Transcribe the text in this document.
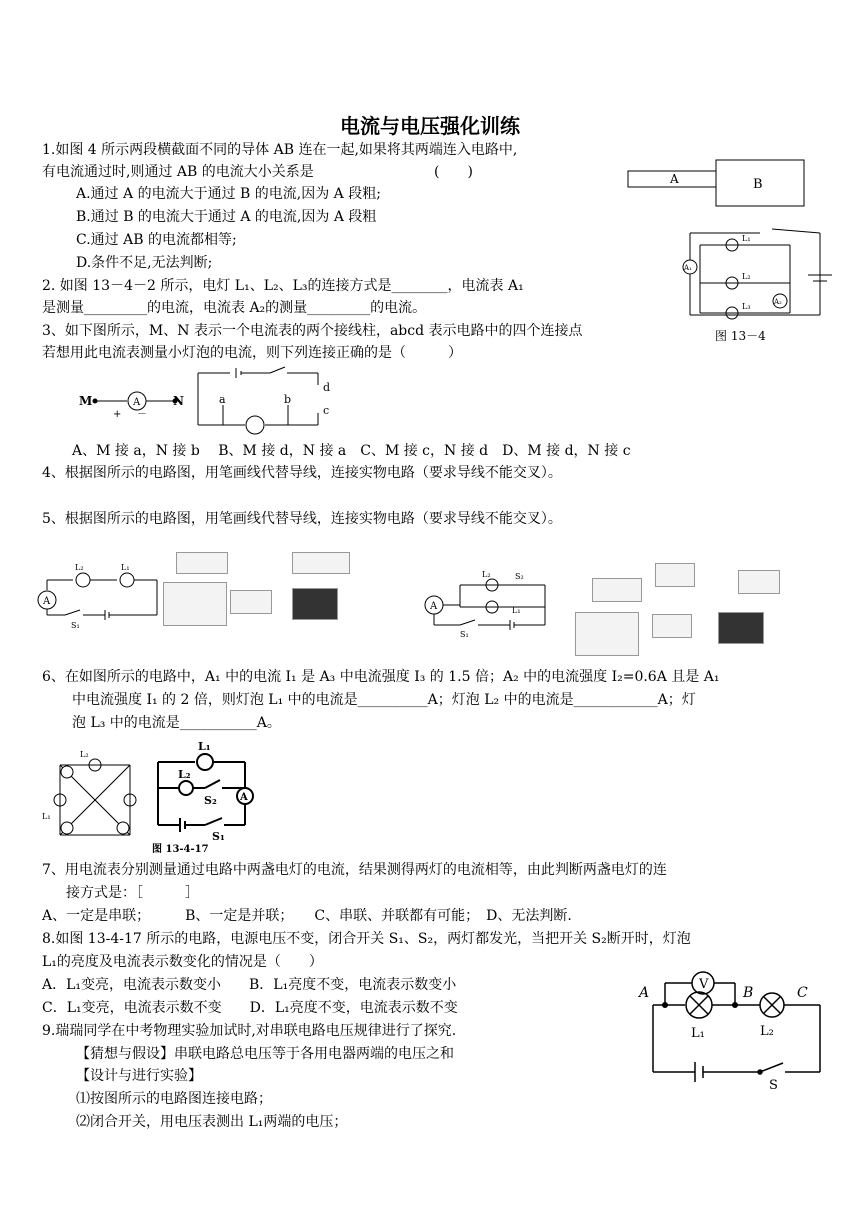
电流与电压强化训练
1.如图 4 所示两段横截面不同的导体 AB 连在一起,如果将其两端连入电路中,
有电流通过时,则通过 AB 的电流大小关系是	(　　)
A.通过 A 的电流大于通过 B 的电流,因为 A 段粗;
B.通过 B 的电流大于通过 A 的电流,因为 A 段粗
C.通过 AB 的电流都相等;
D.条件不足,无法判断;
A	B
2. 如图 13－4－2 所示，电灯 L₁、L₂、L₃的连接方式是________，电流表 A₁
是测量_________的电流，电流表 A₂的测量_________的电流。
L₁
L₂
L₃
A₁
A₂
图 13－4
3、如下图所示，M、N 表示一个电流表的两个接线柱，abcd 表示电路中的四个连接点
若想用此电流表测量小灯泡的电流，则下列连接正确的是（　　　）
M	N
A
+ －
a	b
c
d
A、M 接 a，N 接 b　 B、M 接 d，N 接 a　C、M 接 c，N 接 d　D、M 接 d，N 接 c
4、根据图所示的电路图，用笔画线代替导线，连接实物电路（要求导线不能交叉）。
5、根据图所示的电路图，用笔画线代替导线，连接实物电路（要求导线不能交叉）。
A
L₂	L₁
S₁
A
L₂
L₁
S₂
S₁
6、在如图所示的电路中，A₁ 中的电流 I₁ 是 A₃ 中电流强度 I₃ 的 1.5 倍；A₂ 中的电流强度 I₂=0.6A 且是 A₁
中电流强度 I₁ 的 2 倍，则灯泡 L₁ 中的电流是__________A；灯泡 L₂ 中的电流是____________A；灯
泡 L₃ 中的电流是___________A。
L₁
L₂
L₁
L₂
S₂ A
S₁
图 13-4-17
7、用电流表分别测量通过电路中两盏电灯的电流，结果测得两灯的电流相等，由此判断两盏电灯的连
接方式是：［　　　］
A、一定是串联；　　　B、一定是并联；　　C、串联、并联都有可能；　D、无法判断.
8.如图 13-4-17 所示的电路，电源电压不变，闭合开关 S₁、S₂，两灯都发光，当把开关 S₂断开时，灯泡
L₁的亮度及电流表示数变化的情况是（　　）
A．L₁变亮，电流表示数变小　　B．L₁亮度不变，电流表示数变小
C．L₁变亮，电流表示数不变　　D．L₁亮度不变，电流表示数不变
9.瑞瑞同学在中考物理实验加试时,对串联电路电压规律进行了探究.
【猜想与假设】串联电路总电压等于各用电器两端的电压之和
【设计与进行实验】
⑴按图所示的电路图连接电路；
⑵闭合开关，用电压表测出 L₁两端的电压；
V
A	B	C
L₁	L₂
S
